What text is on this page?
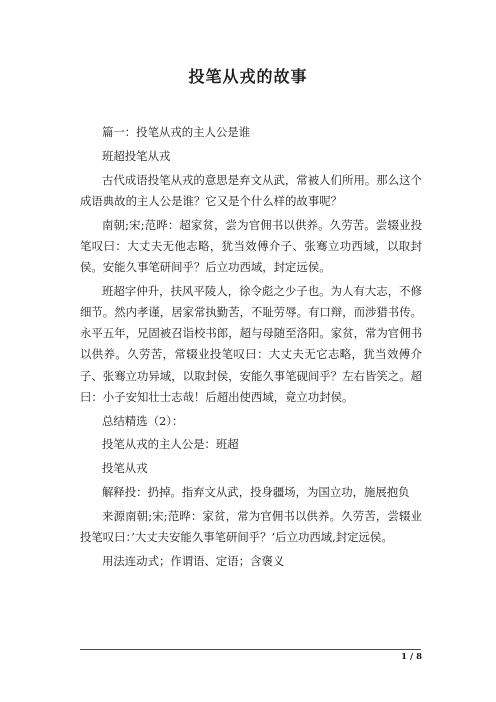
投笔从戎的故事

篇一：投笔从戎的主人公是谁

班超投笔从戎

古代成语投笔从戎的意思是弃文从武，常被人们所用。那么这个成语典故的主人公是谁？它又是个什么样的故事呢？

南朝;宋;范晔：超家贫，尝为官佣书以供养。久劳苦。尝辍业投笔叹曰：大丈夫无他志略，犹当效傅介子、张骞立功西域，以取封侯。安能久事笔研间乎？后立功西域，封定远侯。

班超字仲升，扶风平陵人，徐令彪之少子也。为人有大志，不修细节。然内孝谨，居家常执勤苦，不耻劳辱。有口辩，而涉猎书传。永平五年，兄固被召诣校书郎，超与母随至洛阳。家贫，常为官佣书以供养。久劳苦，常辍业投笔叹曰：大丈夫无它志略，犹当效傅介子、张骞立功异域，以取封侯，安能久事笔砚间乎？左右皆笑之。超曰：小子安知壮士志哉！后超出使西域，竟立功封侯。

总结精选（2）：

投笔从戎的主人公是：班超

投笔从戎

解释投：扔掉。指弃文从武，投身疆场，为国立功，施展抱负

来源南朝;宋;范晔：家贫，常为官佣书以供养。久劳苦，尝辍业投笔叹曰：’大丈夫安能久事笔研间乎？’后立功西域,封定远侯。

用法连动式；作谓语、定语；含褒义

1 / 8
